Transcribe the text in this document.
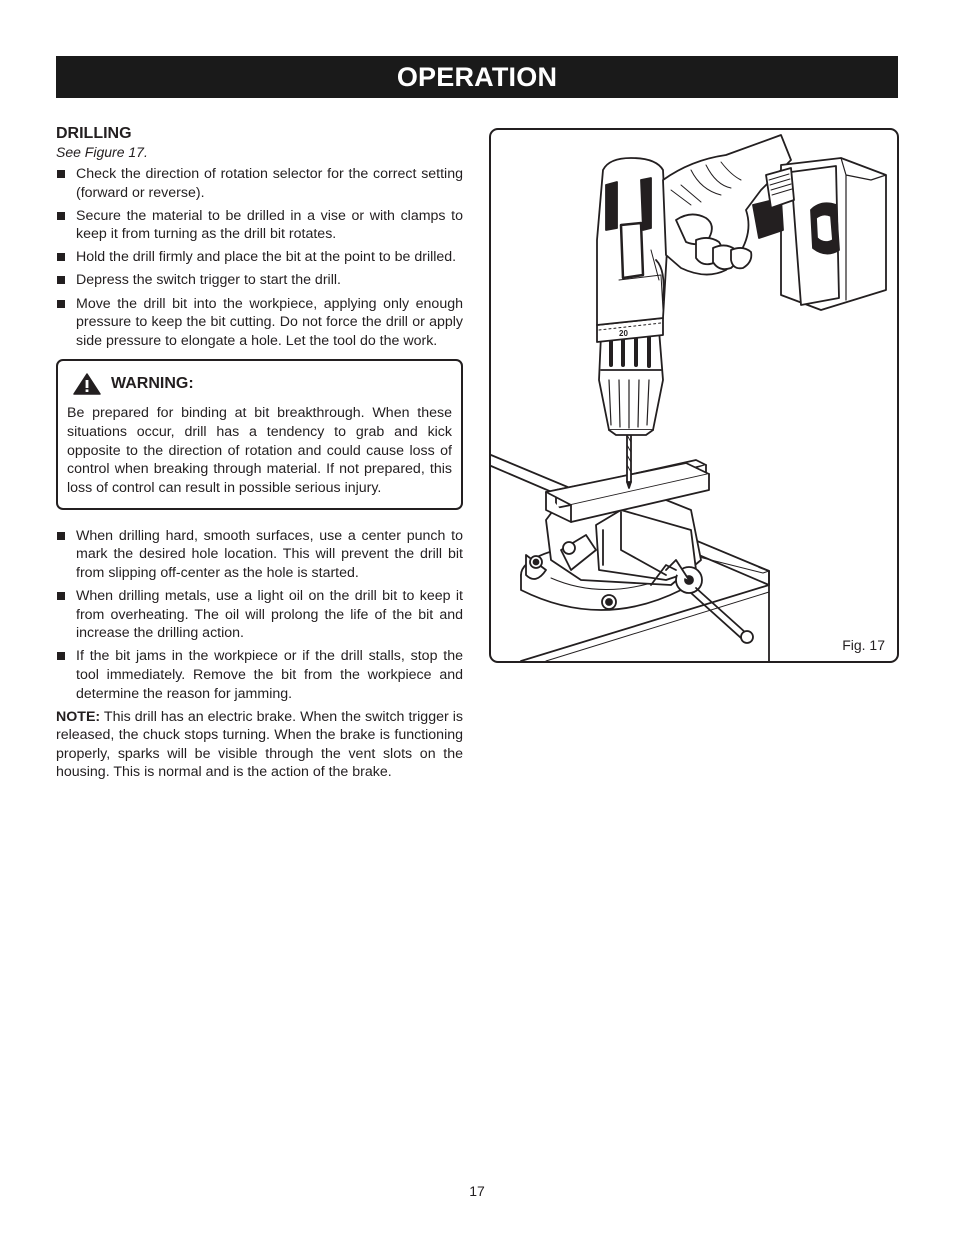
OPERATION
DRILLING

See Figure 17.

Check the direction of rotation selector for the correct setting (forward or reverse).
Secure the material to be drilled in a vise or with clamps to keep it from turning as the drill bit rotates.
Hold the drill firmly and place the bit at the point to be drilled.
Depress the switch trigger to start the drill.
Move the drill bit into the workpiece, applying only enough pressure to keep the bit cutting. Do not force the drill or apply side pressure to elongate a hole. Let the tool do the work.
WARNING:

Be prepared for binding at bit breakthrough. When these situations occur, drill has a tendency to grab and kick opposite to the direction of rotation and could cause loss of control when breaking through material. If not prepared, this loss of control can result in possible serious injury.

When drilling hard, smooth surfaces, use a center punch to mark the desired hole location. This will prevent the drill bit from slipping off-center as the hole is started.
When drilling metals, use a light oil on the drill bit to keep it from overheating. The oil will prolong the life of the bit and increase the drilling action.
If the bit jams in the workpiece or if the drill stalls, stop the tool immediately. Remove the bit from the workpiece and determine the reason for jamming.

NOTE: This drill has an electric brake. When the switch trigger is released, the chuck stops turning. When the brake is functioning properly, sparks will be visible through the vent slots on the housing. This is normal and is the action of the brake.

20
Fig. 17
17
